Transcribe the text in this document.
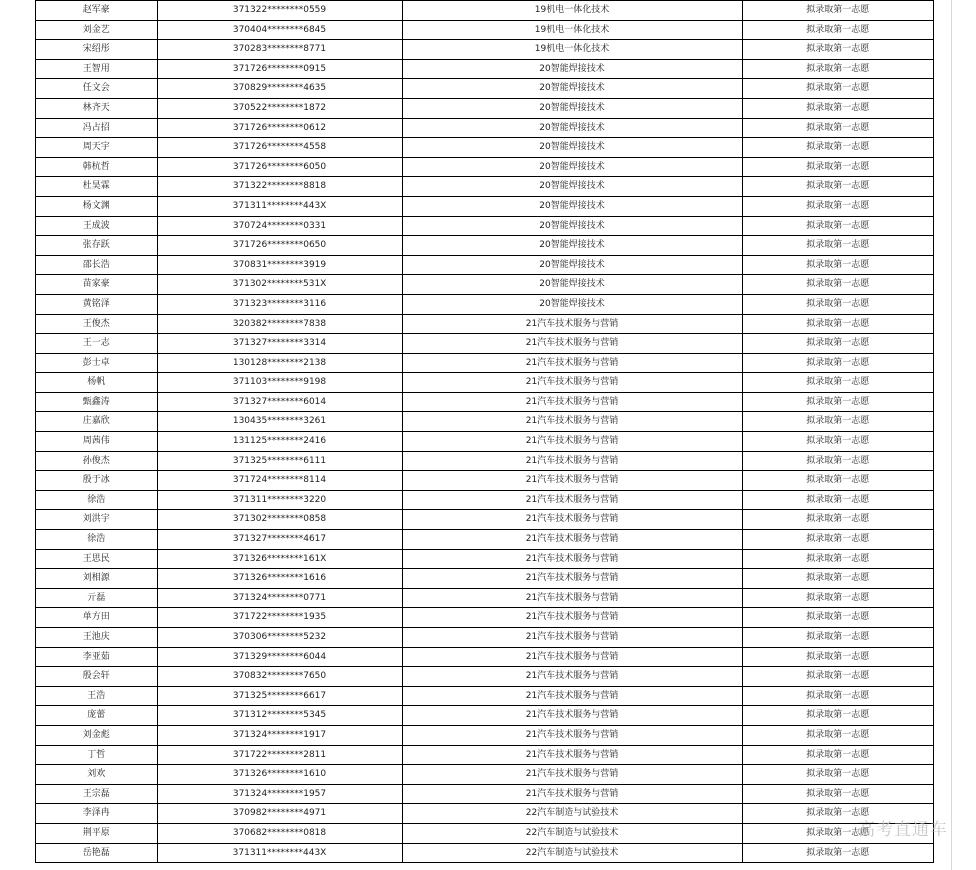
赵军豪	371322********0559	19机电一体化技术	拟录取第一志愿
刘金艺	370404********6845	19机电一体化技术	拟录取第一志愿
宋绍彤	370283********8771	19机电一体化技术	拟录取第一志愿
王智用	371726********0915	20智能焊接技术	拟录取第一志愿
任文会	370829********4635	20智能焊接技术	拟录取第一志愿
林齐天	370522********1872	20智能焊接技术	拟录取第一志愿
冯占招	371726********0612	20智能焊接技术	拟录取第一志愿
周天宇	371726********4558	20智能焊接技术	拟录取第一志愿
韩杭哲	371726********6050	20智能焊接技术	拟录取第一志愿
杜昊霖	371322********8818	20智能焊接技术	拟录取第一志愿
杨文渊	371311********443X	20智能焊接技术	拟录取第一志愿
王成波	370724********0331	20智能焊接技术	拟录取第一志愿
张存跃	371726********0650	20智能焊接技术	拟录取第一志愿
邵长浩	370831********3919	20智能焊接技术	拟录取第一志愿
苗家豪	371302********531X	20智能焊接技术	拟录取第一志愿
黄铭泽	371323********3116	20智能焊接技术	拟录取第一志愿
王俊杰	320382********7838	21汽车技术服务与营销	拟录取第一志愿
王一志	371327********3314	21汽车技术服务与营销	拟录取第一志愿
彭士卓	130128********2138	21汽车技术服务与营销	拟录取第一志愿
杨帆	371103********9198	21汽车技术服务与营销	拟录取第一志愿
甄鑫涛	371327********6014	21汽车技术服务与营销	拟录取第一志愿
庄嘉欣	130435********3261	21汽车技术服务与营销	拟录取第一志愿
周茜伟	131125********2416	21汽车技术服务与营销	拟录取第一志愿
孙俊杰	371325********6111	21汽车技术服务与营销	拟录取第一志愿
殷于冰	371724********8114	21汽车技术服务与营销	拟录取第一志愿
徐浩	371311********3220	21汽车技术服务与营销	拟录取第一志愿
刘洪宇	371302********0858	21汽车技术服务与营销	拟录取第一志愿
徐浩	371327********4617	21汽车技术服务与营销	拟录取第一志愿
王思民	371326********161X	21汽车技术服务与营销	拟录取第一志愿
刘相源	371326********1616	21汽车技术服务与营销	拟录取第一志愿
亓磊	371324********0771	21汽车技术服务与营销	拟录取第一志愿
单方田	371722********1935	21汽车技术服务与营销	拟录取第一志愿
王池庆	370306********5232	21汽车技术服务与营销	拟录取第一志愿
李亚茹	371329********6044	21汽车技术服务与营销	拟录取第一志愿
殷会轩	370832********7650	21汽车技术服务与营销	拟录取第一志愿
王浩	371325********6617	21汽车技术服务与营销	拟录取第一志愿
庞蕾	371312********5345	21汽车技术服务与营销	拟录取第一志愿
刘金彪	371324********1917	21汽车技术服务与营销	拟录取第一志愿
丁哲	371722********2811	21汽车技术服务与营销	拟录取第一志愿
刘欢	371326********1610	21汽车技术服务与营销	拟录取第一志愿
王宗磊	371324********1957	21汽车技术服务与营销	拟录取第一志愿
李泽冉	370982********4971	22汽车制造与试验技术	拟录取第一志愿
荆平原	370682********0818	22汽车制造与试验技术	拟录取第一志愿
岳艳磊	371311********443X	22汽车制造与试验技术	拟录取第一志愿
高考直通车
